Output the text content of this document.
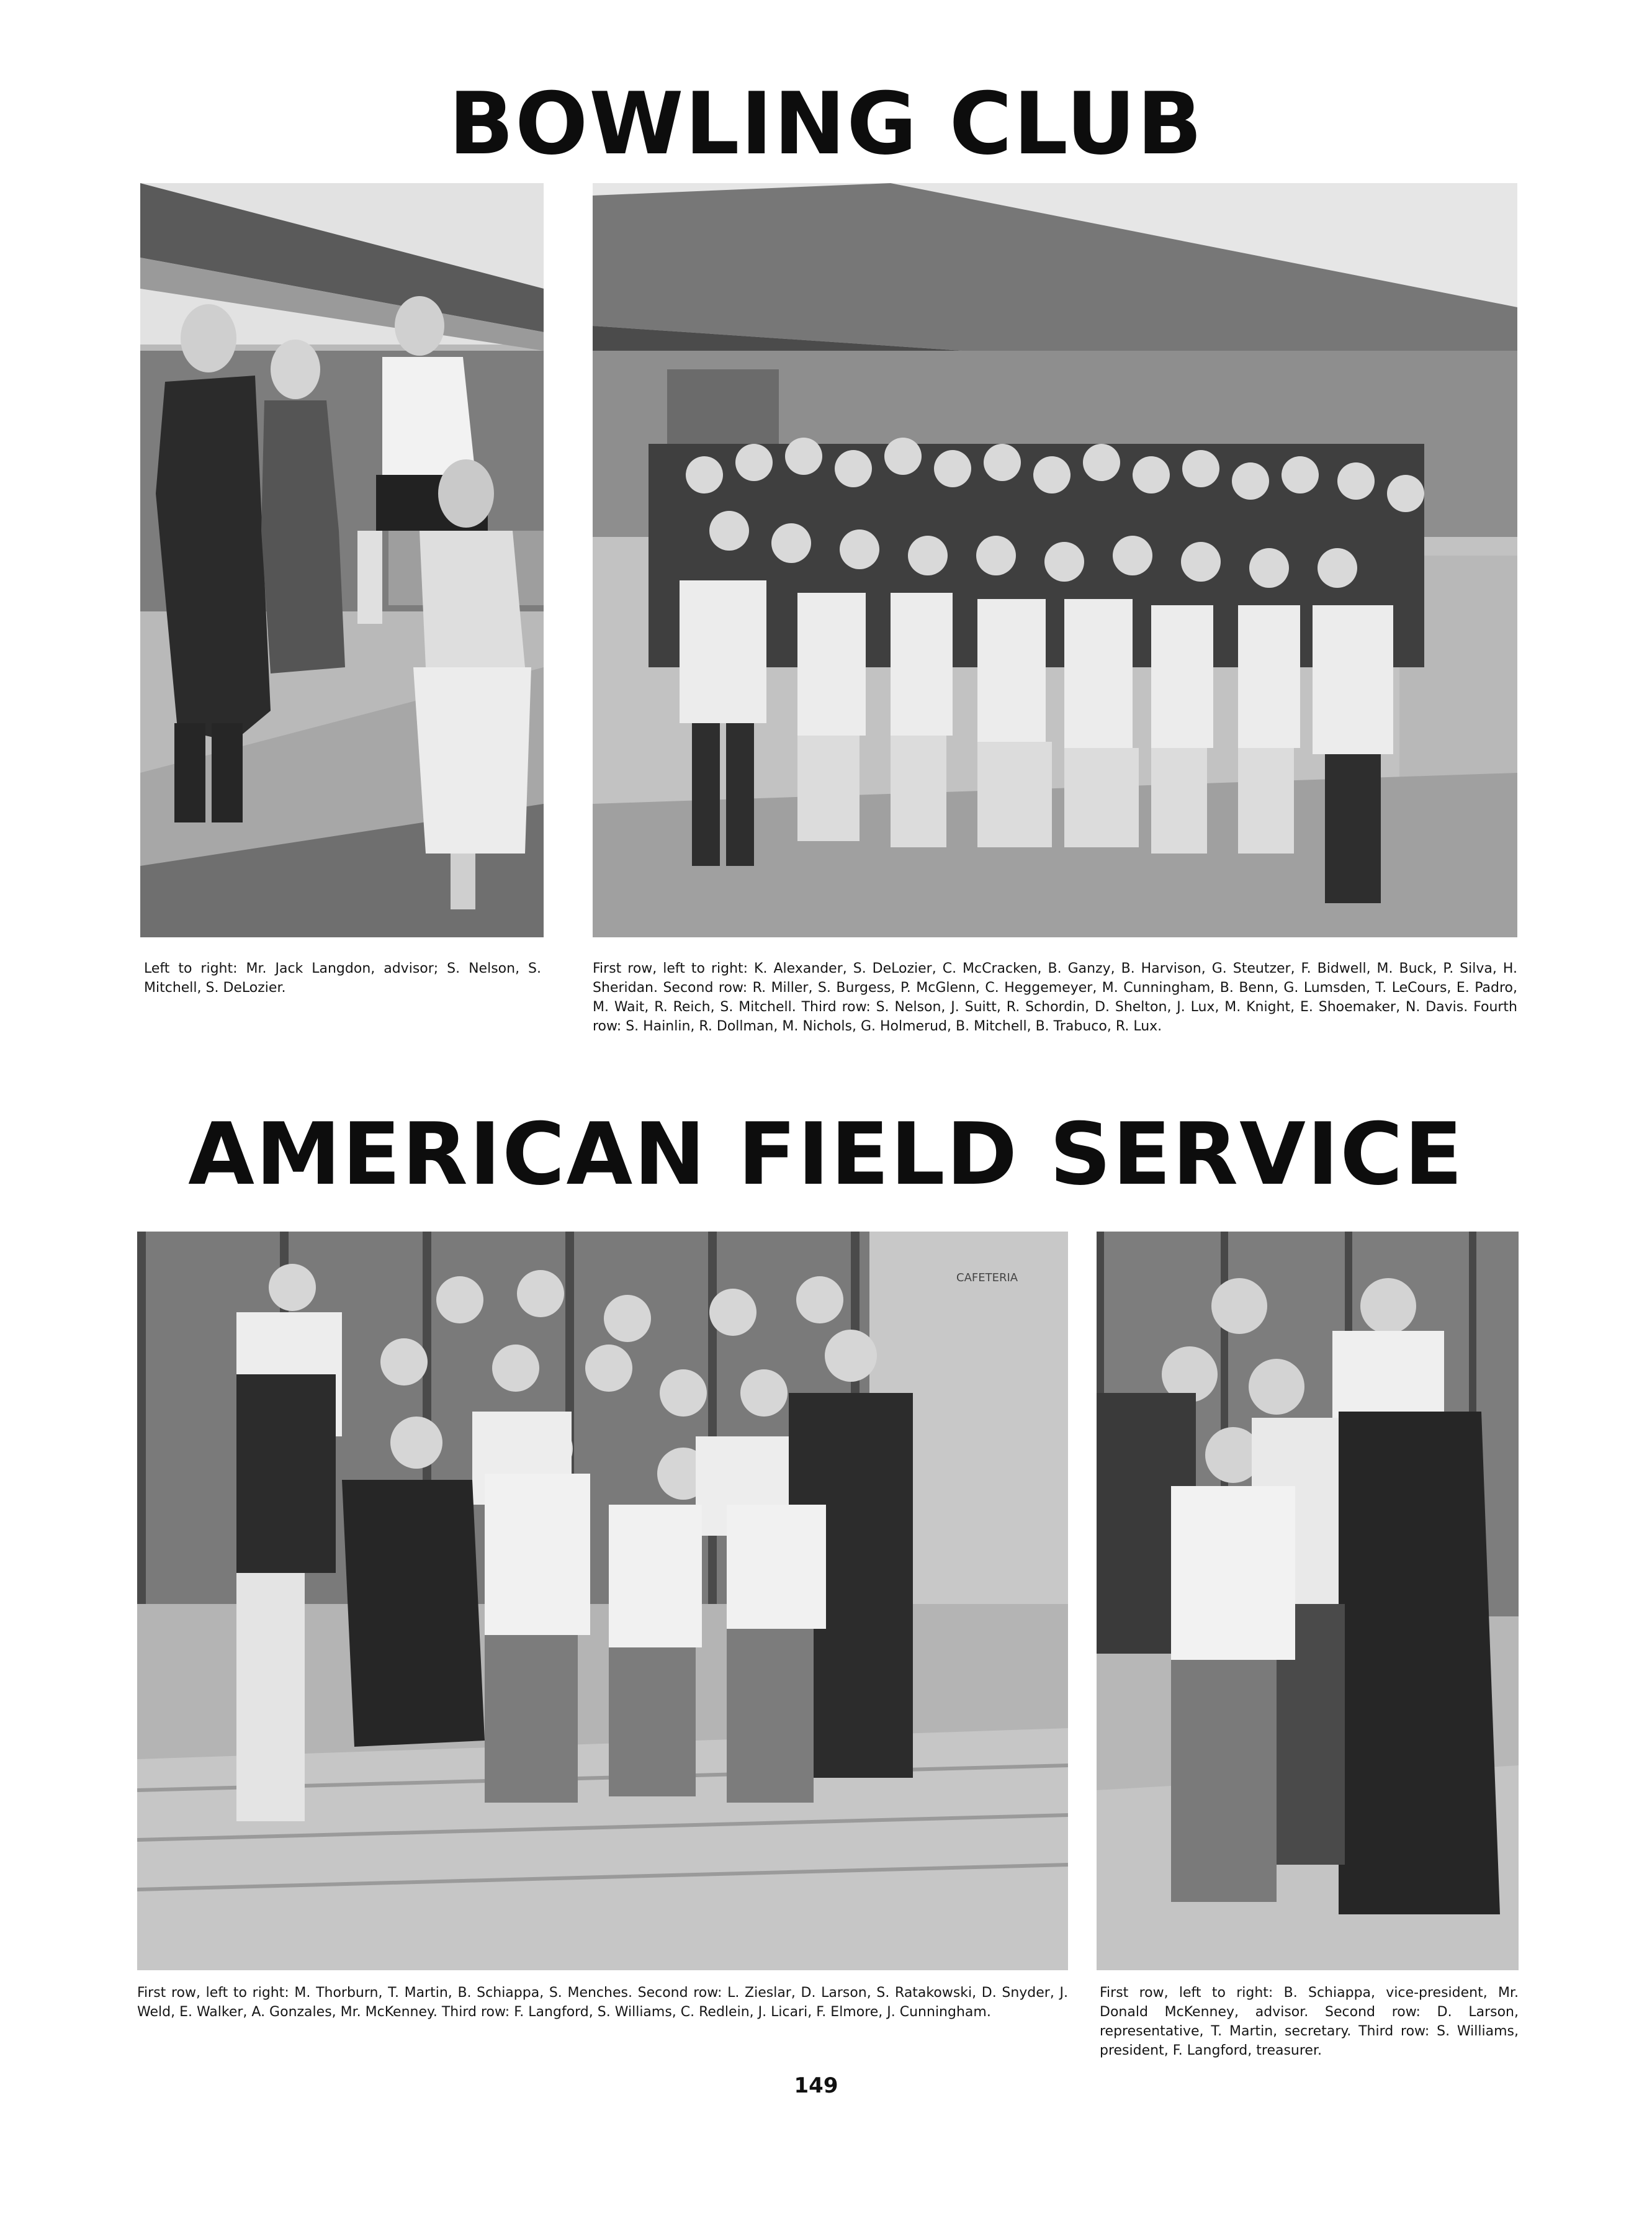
BOWLING CLUB

Left to right: Mr. Jack Langdon, advisor; S. Nelson, S. Mitchell, S. DeLozier.

First row, left to right: K. Alexander, S. DeLozier, C. McCracken, B. Ganzy, B. Harvison, G. Steutzer, F. Bidwell, M. Buck, P. Silva, H. Sheridan. Second row: R. Miller, S. Burgess, P. McGlenn, C. Heggemeyer, M. Cunningham, B. Benn, G. Lumsden, T. LeCours, E. Padro, M. Wait, R. Reich, S. Mitchell. Third row: S. Nelson, J. Suitt, R. Schordin, D. Shelton, J. Lux, M. Knight, E. Shoemaker, N. Davis. Fourth row: S. Hainlin, R. Dollman, M. Nichols, G. Holmerud, B. Mitchell, B. Trabuco, R. Lux.

AMERICAN FIELD SERVICE
CAFETERIA

First row, left to right: M. Thorburn, T. Martin, B. Schiappa, S. Menches. Second row: L. Zieslar, D. Larson, S. Ratakowski, D. Snyder, J. Weld, E. Walker, A. Gonzales, Mr. McKenney. Third row: F. Langford, S. Williams, C. Redlein, J. Licari, F. Elmore, J. Cunningham.

First row, left to right: B. Schiappa, vice-president, Mr. Donald McKenney, advisor. Second row: D. Larson, representative, T. Martin, secretary. Third row: S. Williams, president, F. Langford, treasurer.

149
